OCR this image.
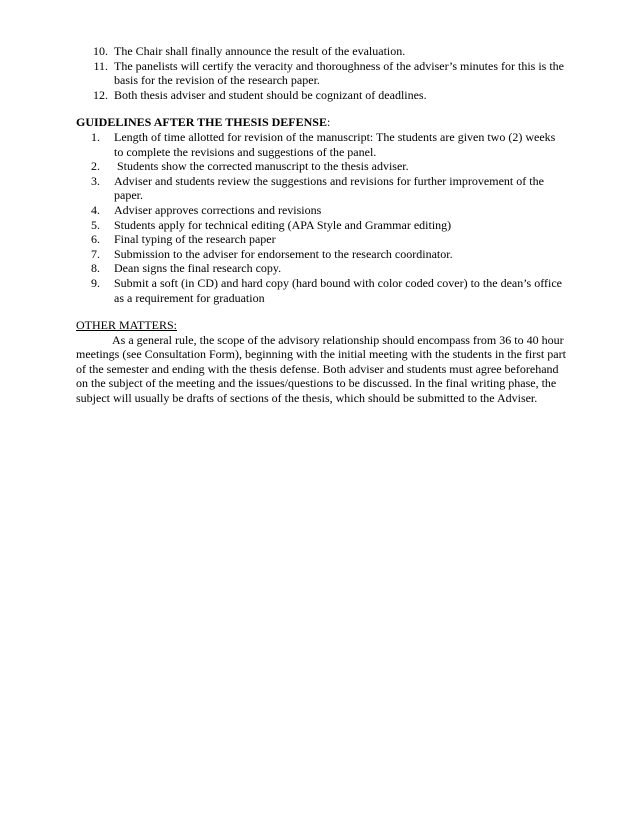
10. The Chair shall finally announce the result of the evaluation.
11. The panelists will certify the veracity and thoroughness of the adviser’s minutes for this is the basis for the revision of the research paper.
12. Both thesis adviser and student should be cognizant of deadlines.
GUIDELINES AFTER THE THESIS DEFENSE:
1.	Length of time allotted for revision of the manuscript: The students are given two (2) weeks to complete the revisions and suggestions of the panel.
2.	Students show the corrected manuscript to the thesis adviser.
3.	Adviser and students review the suggestions and revisions for further improvement of the paper.
4.	Adviser approves corrections and revisions
5.	Students apply for technical editing (APA Style and Grammar editing)
6.	Final typing of the research paper
7.	Submission to the adviser for endorsement to the research coordinator.
8.	Dean signs the final research copy.
9.	Submit a soft (in CD) and hard copy (hard bound with color coded cover) to the dean’s office as a requirement for graduation
OTHER MATTERS:

As a general rule, the scope of the advisory relationship should encompass from 36 to 40 hour meetings (see Consultation Form), beginning with the initial meeting with the students in the first part of the semester and ending with the thesis defense. Both adviser and students must agree beforehand on the subject of the meeting and the issues/questions to be discussed. In the final writing phase, the subject will usually be drafts of sections of the thesis, which should be submitted to the Adviser.
